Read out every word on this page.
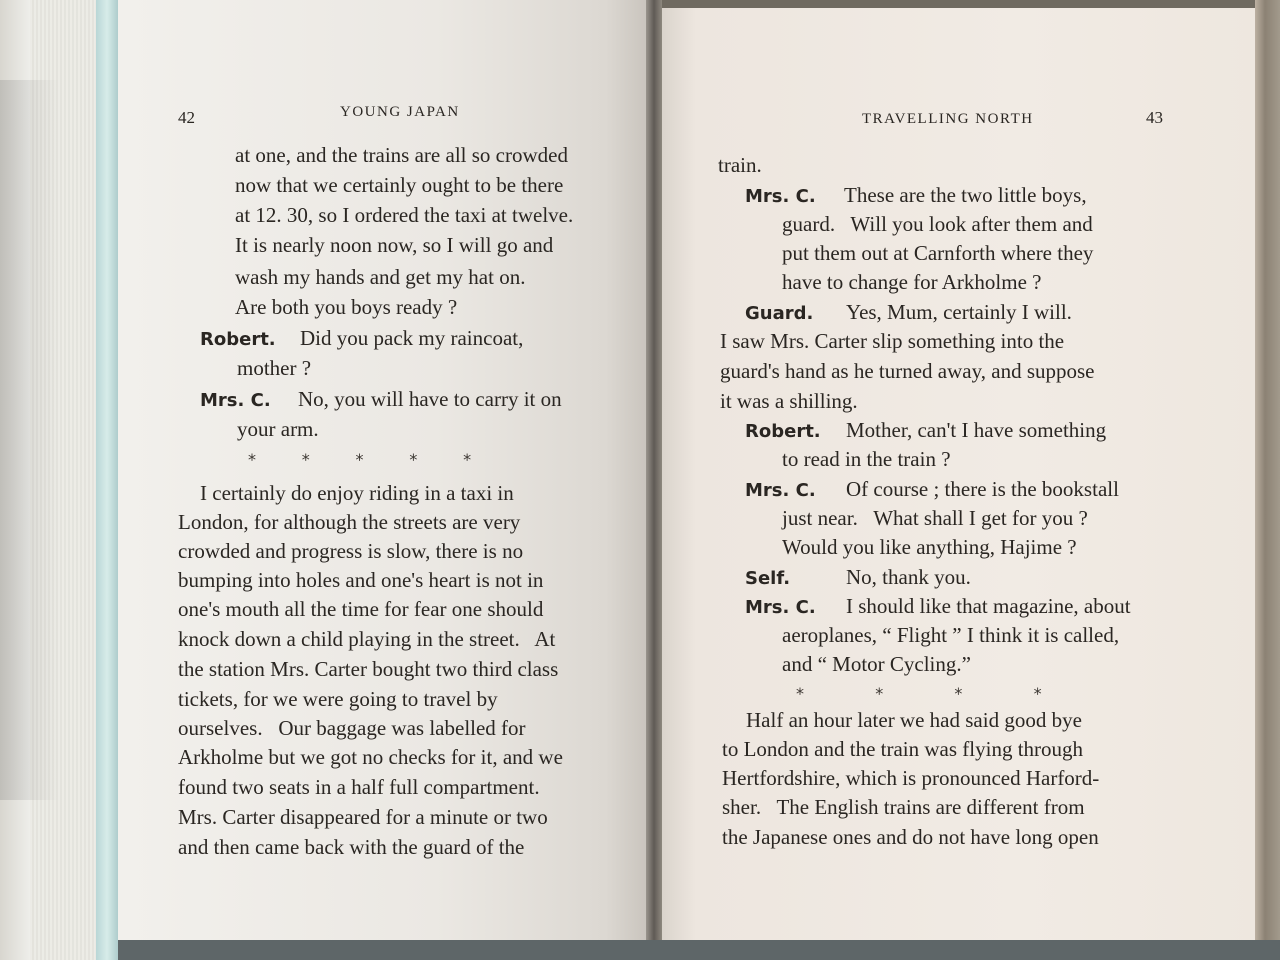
42	YOUNG JAPAN
at one, and the trains are all so crowded
now that we certainly ought to be there
at 12. 30, so I ordered the taxi at twelve.
It is nearly noon now, so I will go and
wash my hands and get my hat on.
Are both you boys ready ?
Robert. Did you pack my raincoat,
mother ?
Mrs. C. No, you will have to carry it on
your arm.
*         *         *         *         *
I certainly do enjoy riding in a taxi in
London, for although the streets are very
crowded and progress is slow, there is no
bumping into holes and one's heart is not in
one's mouth all the time for fear one should
knock down a child playing in the street.   At
the station Mrs. Carter bought two third class
tickets, for we were going to travel by
ourselves.   Our baggage was labelled for
Arkholme but we got no checks for it, and we
found two seats in a half full compartment.
Mrs. Carter disappeared for a minute or two
and then came back with the guard of the
TRAVELLING NORTH	43
train.
Mrs. C. These are the two little boys,
guard.   Will you look after them and
put them out at Carnforth where they
have to change for Arkholme ?
Guard. Yes, Mum, certainly I will.
I saw Mrs. Carter slip something into the
guard's hand as he turned away, and suppose
it was a shilling.
Robert. Mother, can't I have something
to read in the train ?
Mrs. C. Of course ; there is the bookstall
just near.   What shall I get for you ?
Would you like anything, Hajime ?
Self.	No, thank you.
Mrs. C. I should like that magazine, about
aeroplanes, “ Flight ” I think it is called,
and “ Motor Cycling.”
*              *              *              *
Half an hour later we had said good bye
to London and the train was flying through
Hertfordshire, which is pronounced Harford-
sher.   The English trains are different from
the Japanese ones and do not have long open
